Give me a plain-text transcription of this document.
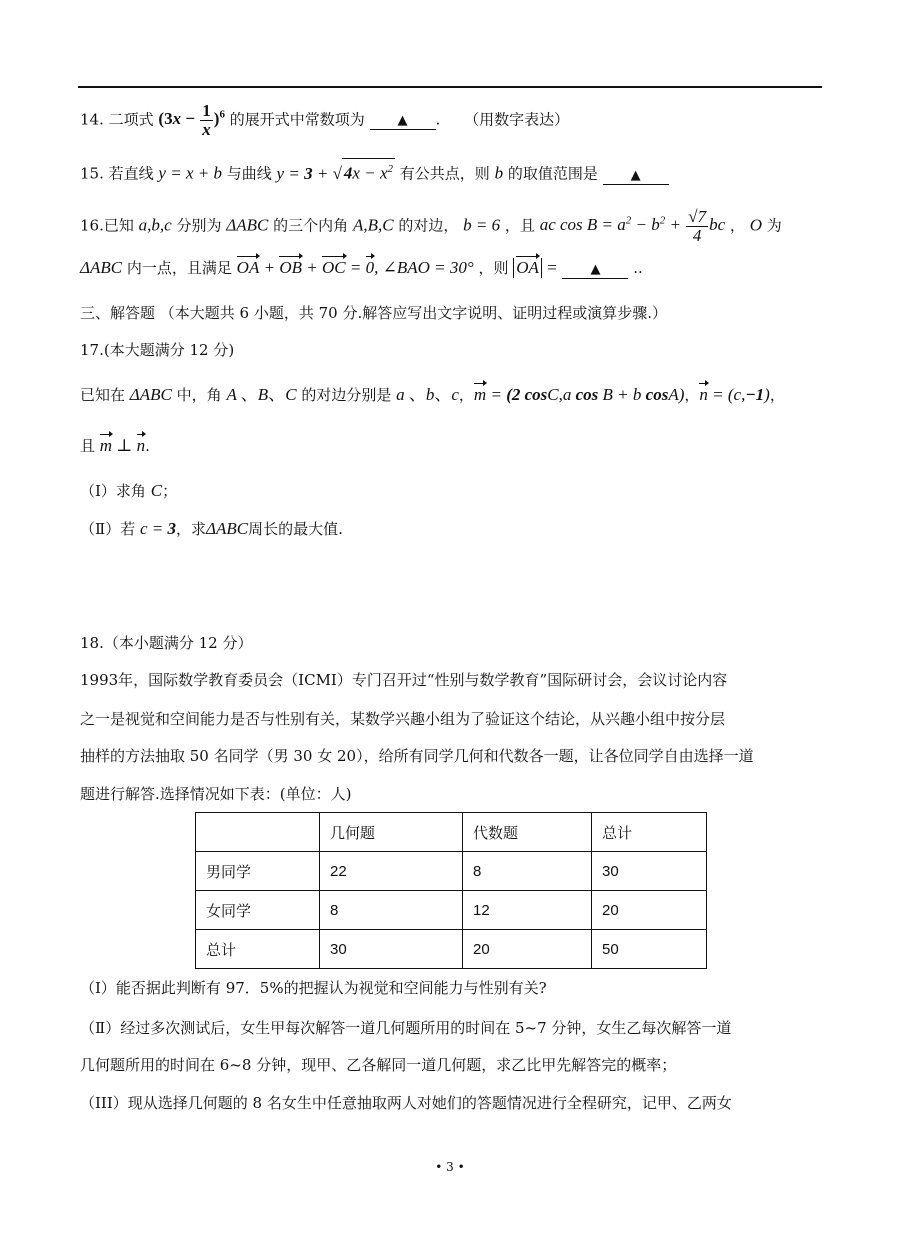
14. 二项式 $(3x - \frac{1}{x} )^6$ 的展开式中常数项为	▲ . （用数字表达）
15. 若直线 y = x + b 与曲线 y = 3 + √ $4x - x^2$ 有公共点，则 b 的取值范围是	▲
16.已知 a,b,c 分别为 ΔABC 的三个内角 A,B,C 的对边， b = 6 ，且 ac $\cos B = a^2 - b^2 + \frac{√7}{4}$ bc ， O 为
ΔABC 内一点，且满足 OA + OB + OC = 0, ∠BAO = 30° ，则 OA =	▲ ..
三、解答题 （本大题共 6 小题，共 70 分.解答应写出文字说明、证明过程或演算步骤.）
17.(本大题满分 12 分)
已知在 ΔABC 中，角 A 、B、C 的对边分别是 a 、b、c，m = (2 cosC,a cos B + b cosA)，n = (c,−1)，
且 m ⊥ n.
（Ⅰ）求角 C；
（Ⅱ）若 c = 3，求ΔABC周长的最大值.
18.（本小题满分 12 分）
1993年，国际数学教育委员会（ICMI）专门召开过“性别与数学教育”国际研讨会，会议讨论内容
之一是视觉和空间能力是否与性别有关，某数学兴趣小组为了验证这个结论，从兴趣小组中按分层
抽样的方法抽取 50 名同学（男 30 女 20），给所有同学几何和代数各一题，让各位同学自由选择一道
题进行解答.选择情况如下表：(单位：人)
	几何题	代数题	总计
男同学	22	8	30
女同学	8	12	20
总计	30	20	50
（Ⅰ）能否据此判断有 97．5%的把握认为视觉和空间能力与性别有关?
（Ⅱ）经过多次测试后，女生甲每次解答一道几何题所用的时间在 5~7 分钟，女生乙每次解答一道
几何题所用的时间在 6~8 分钟，现甲、乙各解同一道几何题，求乙比甲先解答完的概率；
（III）现从选择几何题的 8 名女生中任意抽取两人对她们的答题情况进行全程研究，记甲、乙两女
• 3 •
